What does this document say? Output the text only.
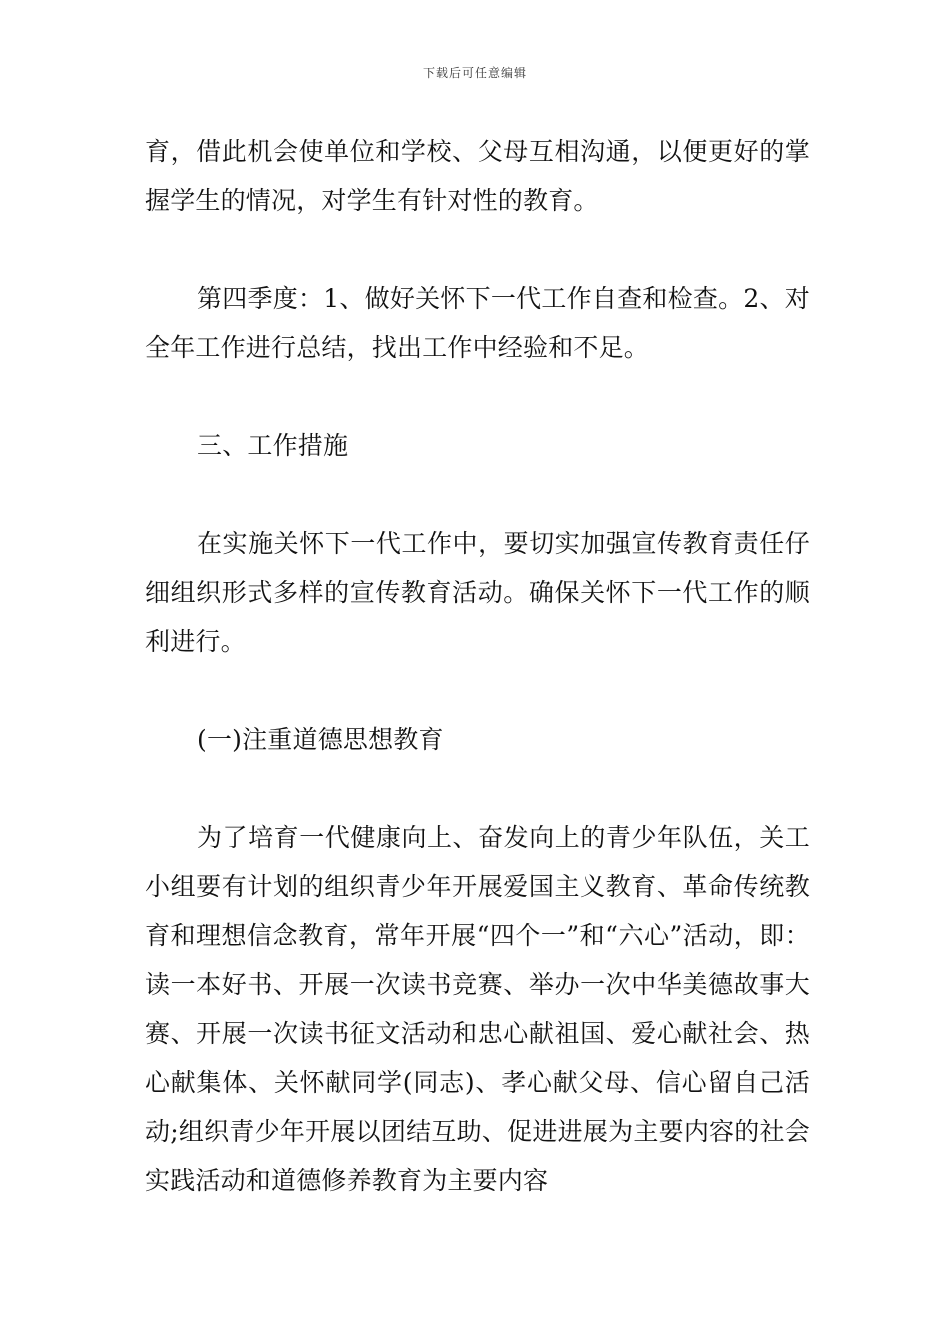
下载后可任意编辑

育，借此机会使单位和学校、父母互相沟通，以便更好的掌握学生的情况，对学生有针对性的教育。

第四季度：1、做好关怀下一代工作自查和检查。2、对全年工作进行总结，找出工作中经验和不足。

三、工作措施

在实施关怀下一代工作中，要切实加强宣传教育责任仔细组织形式多样的宣传教育活动。确保关怀下一代工作的顺利进行。

(一)注重道德思想教育

为了培育一代健康向上、奋发向上的青少年队伍，关工小组要有计划的组织青少年开展爱国主义教育、革命传统教育和理想信念教育，常年开展“四个一”和“六心”活动，即：读一本好书、开展一次读书竞赛、举办一次中华美德故事大赛、开展一次读书征文活动和忠心献祖国、爱心献社会、热心献集体、关怀献同学(同志)、孝心献父母、信心留自己活动;组织青少年开展以团结互助、促进进展为主要内容的社会实践活动和道德修养教育为主要内容
